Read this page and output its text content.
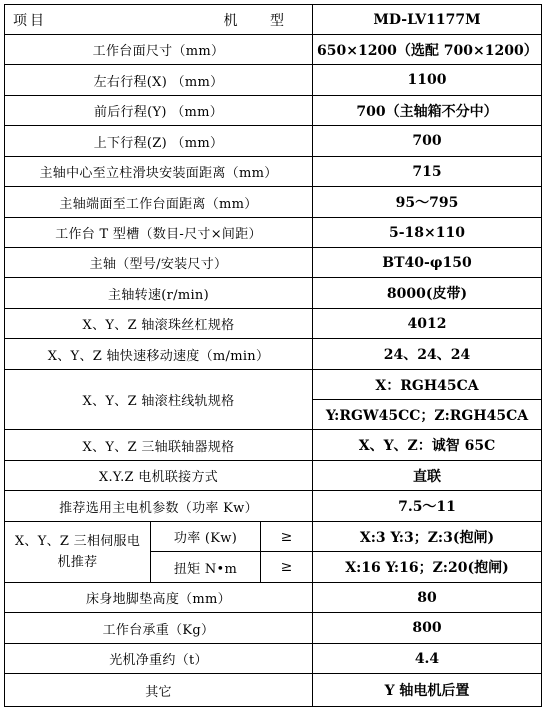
项目 机 型			MD-LV1177M
工作台面尺寸（mm）			650×1200（选配 700×1200）
左右行程(X) （mm）			1100
前后行程(Y) （mm）			700（主轴箱不分中）
上下行程(Z) （mm）			700
主轴中心至立柱滑块安装面距离（mm）			715
主轴端面至工作台面距离（mm）			95～795
工作台 T 型槽（数目-尺寸×间距）			5-18×110
主轴（型号/安装尺寸）			BT40-φ150
主轴转速(r/min)			8000(皮带)
X、Y、Z 轴滚珠丝杠规格			4012
X、Y、Z 轴快速移动速度（m/min）			24、24、24
X、Y、Z 轴滚柱线轨规格			X：RGH45CA
			Y:RGW45CC；Z:RGH45CA
X、Y、Z 三轴联轴器规格			X、Y、Z：诚智 65C
X.Y.Z 电机联接方式			直联
推荐选用主电机参数（功率 Kw）			7.5～11
X、Y、Z 三相伺服电机推荐	功率 (Kw)	≥	X:3 Y:3；Z:3(抱闸)
	扭矩 N•m	≥	X:16 Y:16；Z:20(抱闸)
床身地脚垫高度（mm）			80
工作台承重（Kg）			800
光机净重约（t）			4.4
其它			Y 轴电机后置
